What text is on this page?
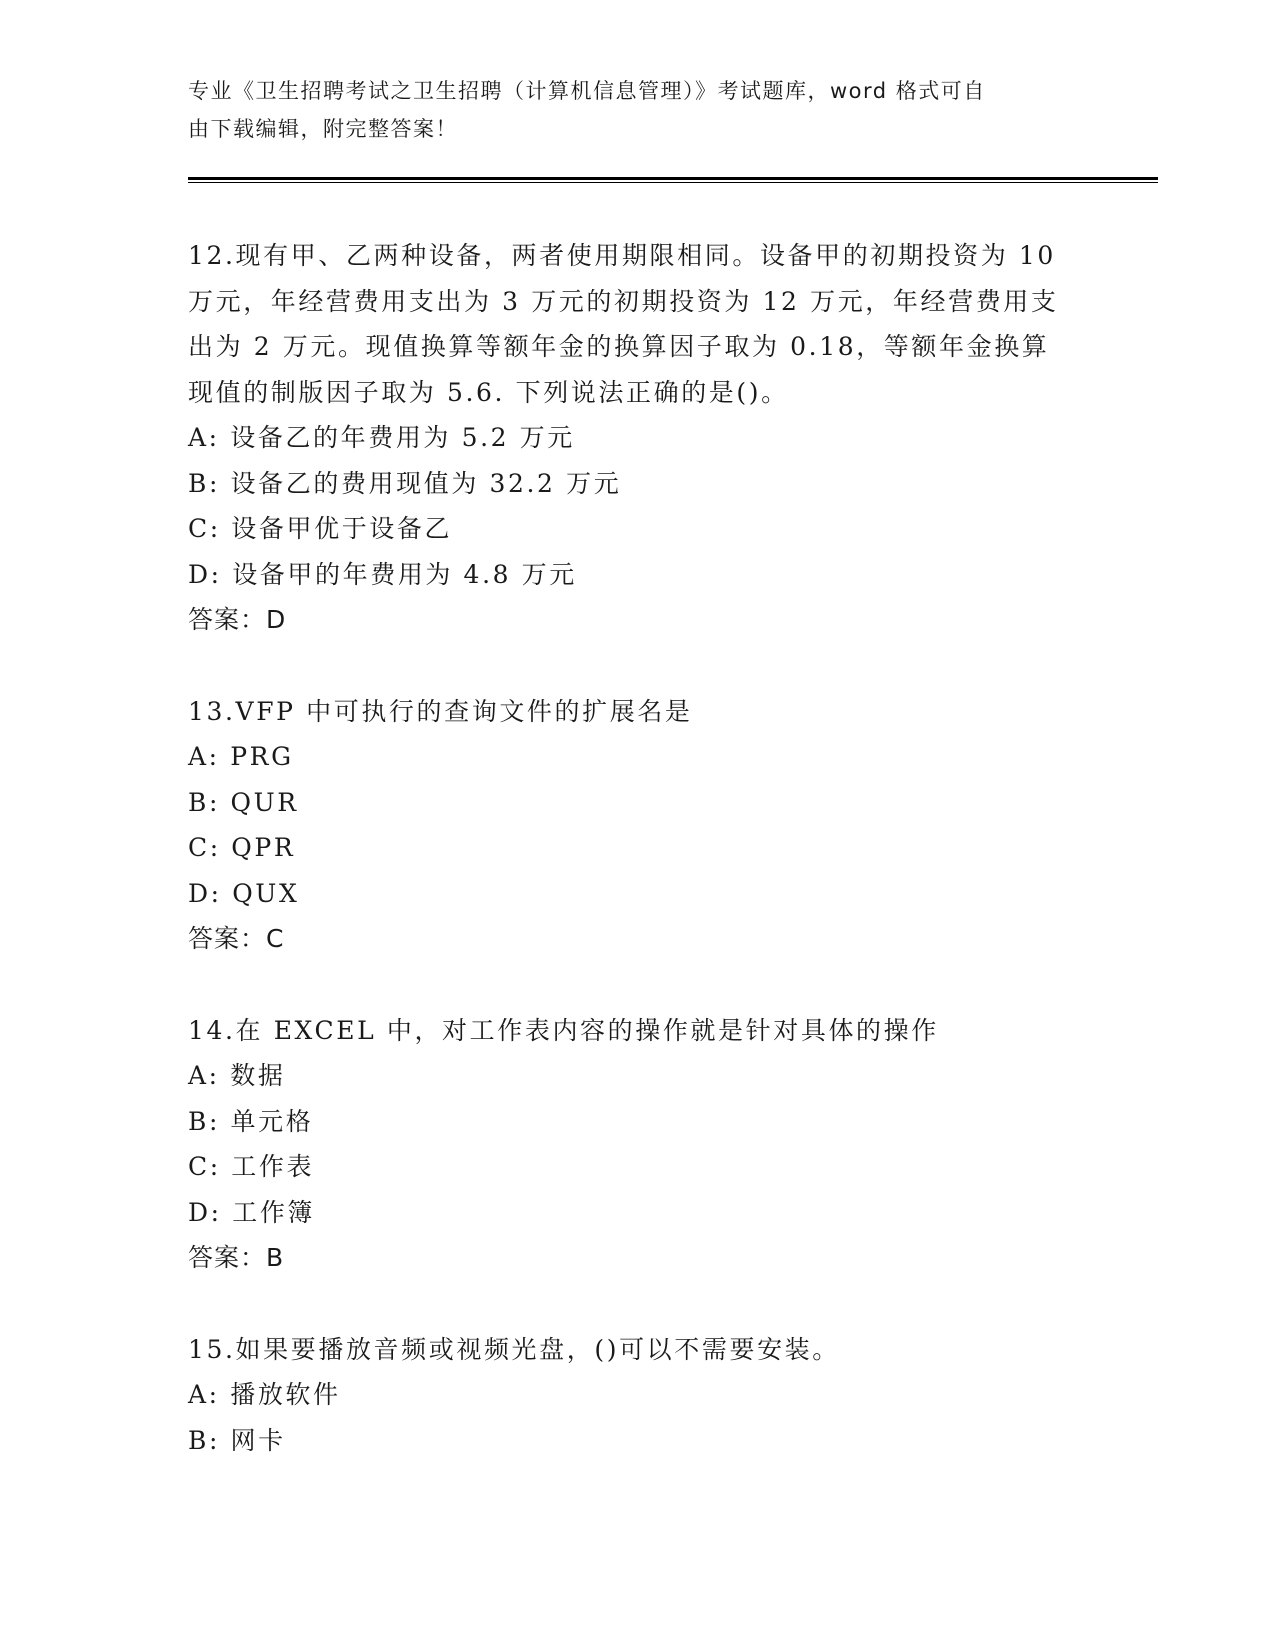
专业《卫生招聘考试之卫生招聘（计算机信息管理）》考试题库，word 格式可自
由下载编辑，附完整答案！

12.现有甲、乙两种设备，两者使用期限相同。设备甲的初期投资为 10

万元，年经营费用支出为 3 万元的初期投资为 12 万元，年经营费用支

出为 2 万元。现值换算等额年金的换算因子取为 0.18，等额年金换算

现值的制版因子取为 5.6. 下列说法正确的是()。

A: 设备乙的年费用为 5.2 万元

B: 设备乙的费用现值为 32.2 万元

C: 设备甲优于设备乙

D: 设备甲的年费用为 4.8 万元

答案：D

13.VFP 中可执行的查询文件的扩展名是

A: PRG

B: QUR

C: QPR

D: QUX

答案：C

14.在 EXCEL 中，对工作表内容的操作就是针对具体的操作

A: 数据

B: 单元格

C: 工作表

D: 工作簿

答案：B

15.如果要播放音频或视频光盘，()可以不需要安装。

A: 播放软件

B: 网卡
